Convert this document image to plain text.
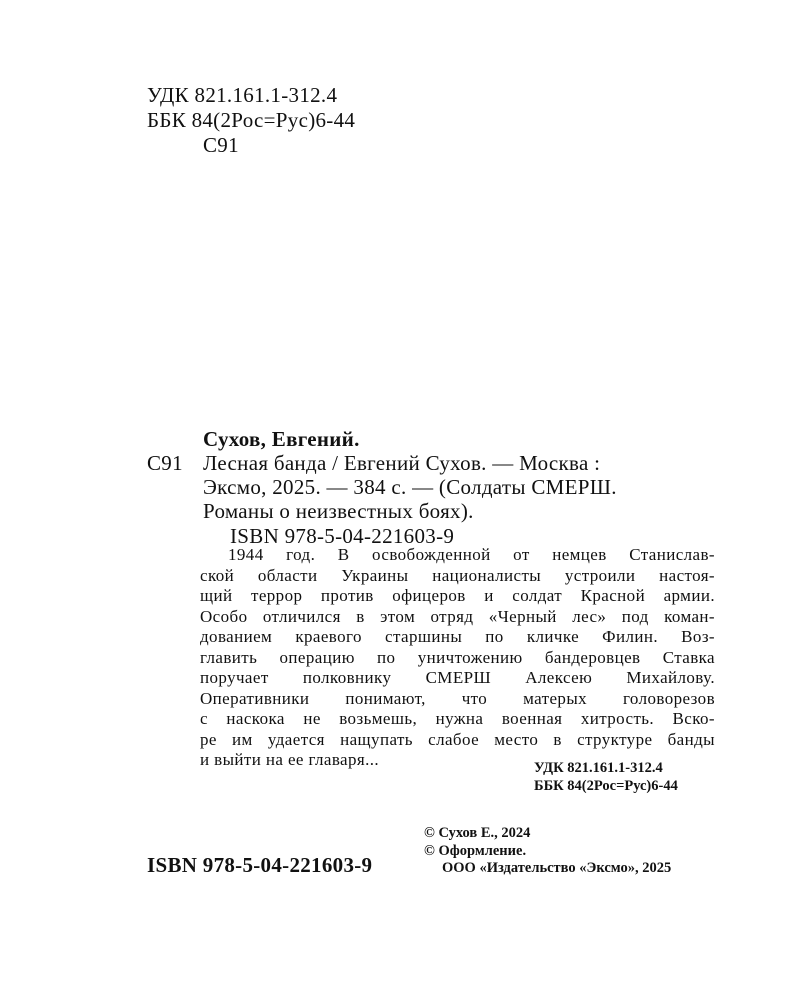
УДК 821.161.1-312.4
ББК 84(2Рос=Рус)6-44
С91
Сухов, Евгений.
С91 Лесная банда / Евгений Сухов. — Москва :
Эксмо, 2025. — 384 с. — (Солдаты СМЕРШ.
Романы о неизвестных боях).
ISBN 978-5-04-221603-9
1944 год. В освобожденной от немцев Станислав-
ской области Украины националисты устроили настоя-
щий террор против офицеров и солдат Красной армии.
Особо отличился в этом отряд «Черный лес» под коман-
дованием краевого старшины по кличке Филин. Воз-
главить операцию по уничтожению бандеровцев Ставка
поручает полковнику СМЕРШ Алексею Михайлову.
Оперативники понимают, что матерых головорезов
с наскока не возьмешь, нужна военная хитрость. Вско-
ре им удается нащупать слабое место в структуре банды
и выйти на ее главаря...	УДК 821.161.1-312.4
ББК 84(2Рос=Рус)6-44
ISBN 978-5-04-221603-9
© Сухов Е., 2024
© Оформление.
ООО «Издательство «Эксмо», 2025
